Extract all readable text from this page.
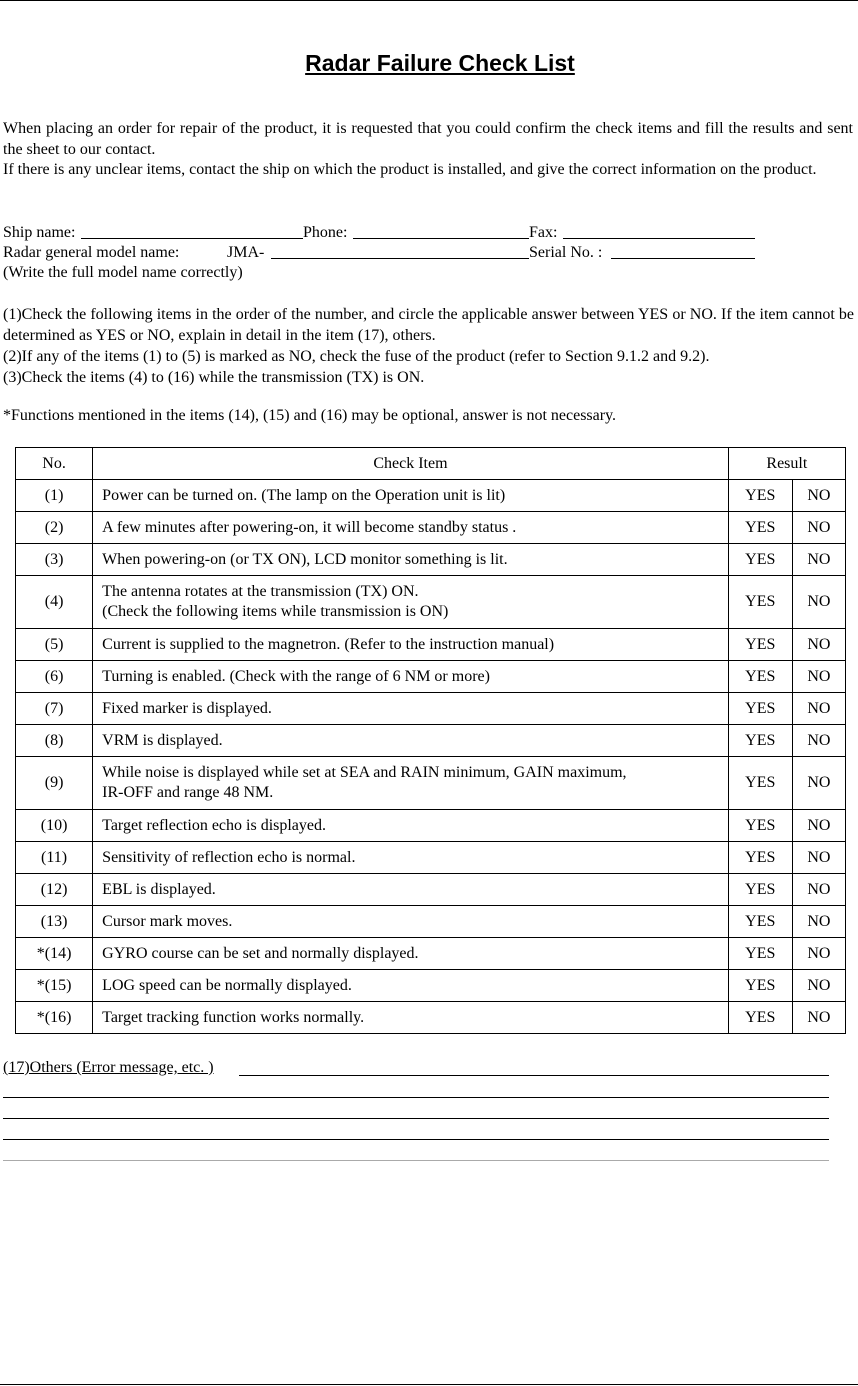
Radar Failure Check List

When placing an order for repair of the product, it is requested that you could confirm the check items and fill the results and sent the sheet to our contact.

If there is any unclear items, contact the ship on which the product is installed, and give the correct information on the product.

Ship name:	Phone:	Fax:
Radar general model name:	JMA-	Serial No. :
(Write the full model name correctly)

(1)Check the following items in the order of the number, and circle the applicable answer between YES or NO. If the item cannot be determined as YES or NO, explain in detail in the item (17), others.

(2)If any of the items (1) to (5) is marked as NO, check the fuse of the product (refer to Section 9.1.2 and 9.2).

(3)Check the items (4) to (16) while the transmission (TX) is ON.

*Functions mentioned in the items (14), (15) and (16) may be optional, answer is not necessary.
No.	Check Item	Result	
(1)	Power can be turned on. (The lamp on the Operation unit is lit)	YES	NO
(2)	A few minutes after powering-on, it will become standby status .	YES	NO
(3)	When powering-on (or TX ON), LCD monitor something is lit.	YES	NO
(4)	The antenna rotates at the transmission (TX) ON.
(Check the following items while transmission is ON)	YES	NO
(5)	Current is supplied to the magnetron. (Refer to the instruction manual)	YES	NO
(6)	Turning is enabled. (Check with the range of 6 NM or more)	YES	NO
(7)	Fixed marker is displayed.	YES	NO
(8)	VRM is displayed.	YES	NO
(9)	While noise is displayed while set at SEA and RAIN minimum, GAIN maximum,
IR-OFF and range 48 NM.	YES	NO
(10)	Target reflection echo is displayed.	YES	NO
(11)	Sensitivity of reflection echo is normal.	YES	NO
(12)	EBL is displayed.	YES	NO
(13)	Cursor mark moves.	YES	NO
*(14)	GYRO course can be set and normally displayed.	YES	NO
*(15)	LOG speed can be normally displayed.	YES	NO
*(16)	Target tracking function works normally.	YES	NO
(17)Others (Error message, etc. )
